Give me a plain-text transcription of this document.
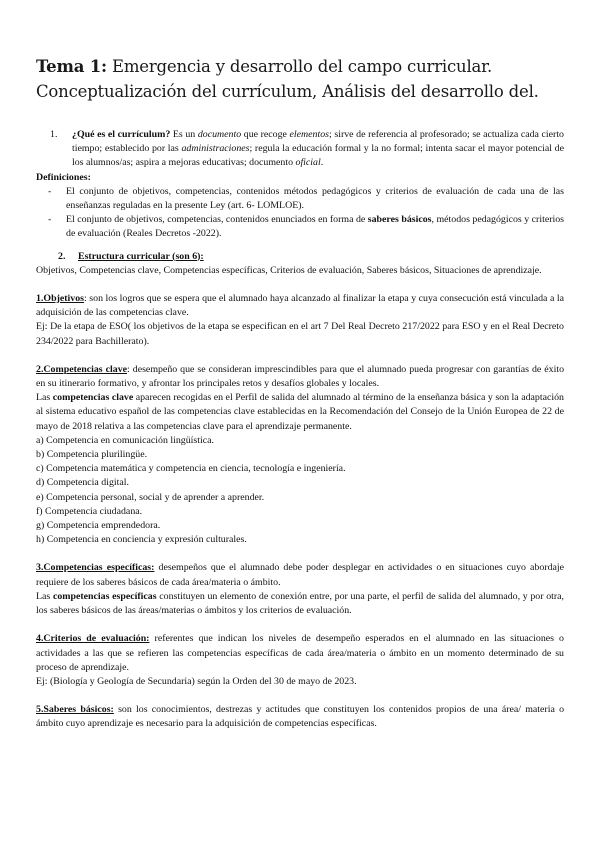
Tema 1: Emergencia y desarrollo del campo curricular. Conceptualización del currículum, Análisis del desarrollo del.
1.	¿Qué es el currículum? Es un documento que recoge elementos; sirve de referencia al profesorado; se actualiza cada cierto tiempo; establecido por las administraciones; regula la educación formal y la no formal; intenta sacar el mayor potencial de los alumnos/as; aspira a mejoras educativas; documento oficial.

Definiciones:

-	El conjunto de objetivos, competencias, contenidos métodos pedagógicos y criterios de evaluación de cada una de las enseñanzas reguladas en la presente Ley (art. 6- LOMLOE).
-	El conjunto de objetivos, competencias, contenidos enunciados en forma de saberes básicos, métodos pedagógicos y criterios de evaluación (Reales Decretos -2022).

2. Estructura curricular (son 6):

Objetivos, Competencias clave, Competencias específicas, Criterios de evaluación, Saberes básicos, Situaciones de aprendizaje.

1.Objetivos: son los logros que se espera que el alumnado haya alcanzado al finalizar la etapa y cuya consecución está vinculada a la adquisición de las competencias clave.

Ej: De la etapa de ESO( los objetivos de la etapa se especifican en el art 7 Del Real Decreto 217/2022 para ESO y en el Real Decreto 234/2022 para Bachillerato).

2.Competencias clave: desempeño que se consideran imprescindibles para que el alumnado pueda progresar con garantías de éxito en su itinerario formativo, y afrontar los principales retos y desafíos globales y locales.

Las competencias clave aparecen recogidas en el Perfil de salida del alumnado al término de la enseñanza básica y son la adaptación al sistema educativo español de las competencias clave establecidas en la Recomendación del Consejo de la Unión Europea de 22 de mayo de 2018 relativa a las competencias clave para el aprendizaje permanente.

a) Competencia en comunicación lingüística.

b) Competencia plurilingüe.

c) Competencia matemática y competencia en ciencia, tecnología e ingeniería.

d) Competencia digital.

e) Competencia personal, social y de aprender a aprender.

f) Competencia ciudadana.

g) Competencia emprendedora.

h) Competencia en conciencia y expresión culturales.

3.Competencias específicas: desempeños que el alumnado debe poder desplegar en actividades o en situaciones cuyo abordaje requiere de los saberes básicos de cada área/materia o ámbito.

Las competencias específicas constituyen un elemento de conexión entre, por una parte, el perfil de salida del alumnado, y por otra, los saberes básicos de las áreas/materias o ámbitos y los criterios de evaluación.

4.Criterios de evaluación: referentes que indican los niveles de desempeño esperados en el alumnado en las situaciones o actividades a las que se refieren las competencias específicas de cada área/materia o ámbito en un momento determinado de su proceso de aprendizaje.

Ej: (Biología y Geología de Secundaria) según la Orden del 30 de mayo de 2023.

5.Saberes básicos: son los conocimientos, destrezas y actitudes que constituyen los contenidos propios de una área/ materia o ámbito cuyo aprendizaje es necesario para la adquisición de competencias específicas.
